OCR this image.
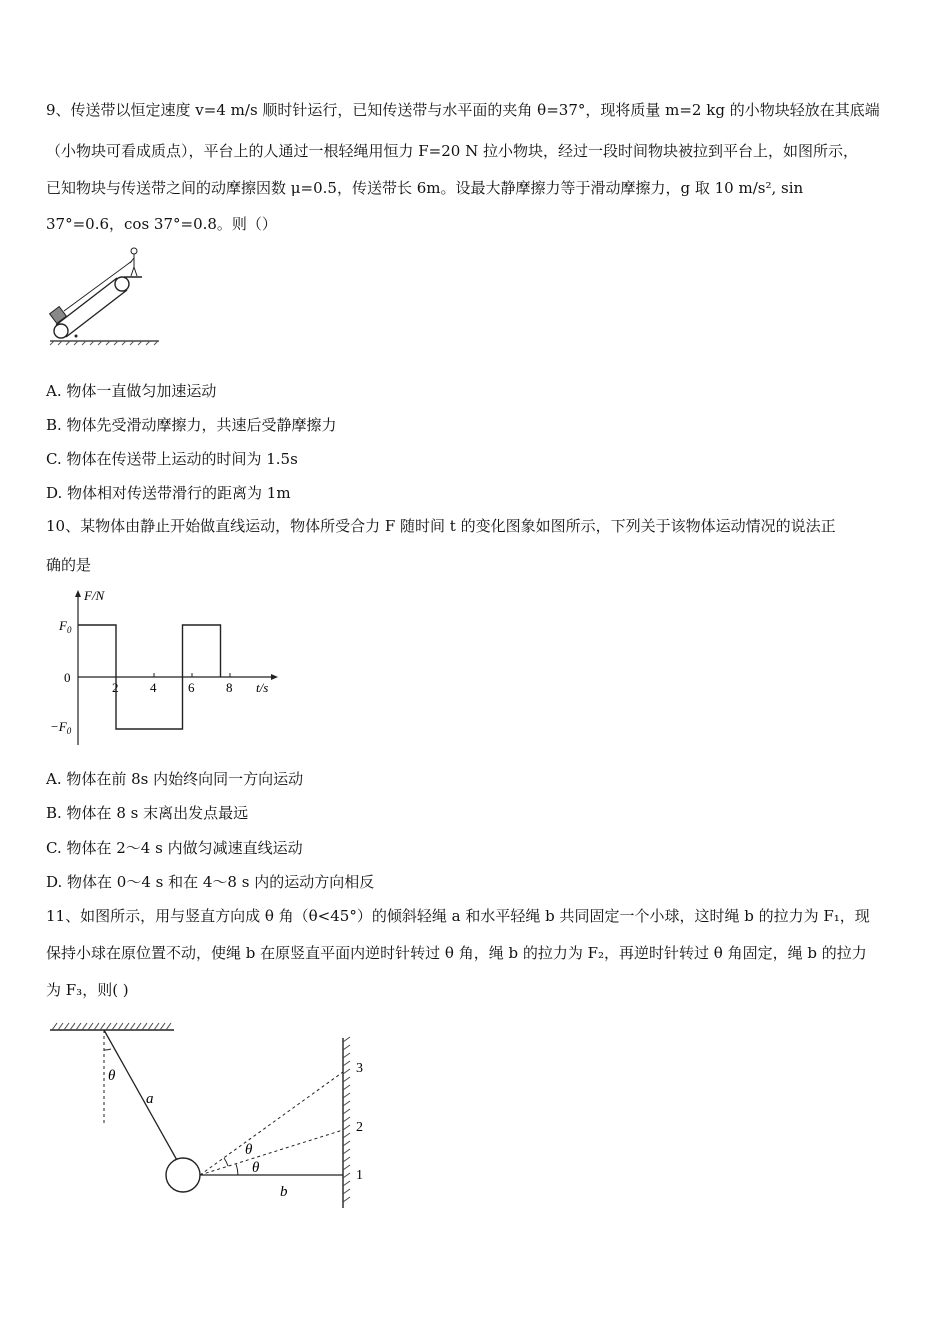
9、传送带以恒定速度 v=4 m/s 顺时针运行，已知传送带与水平面的夹角 θ=37°，现将质量 m=2 kg 的小物块轻放在其底端
（小物块可看成质点），平台上的人通过一根轻绳用恒力 F=20 N 拉小物块，经过一段时间物块被拉到平台上，如图所示，
已知物块与传送带之间的动摩擦因数 μ=0.5，传送带长 6m。设最大静摩擦力等于滑动摩擦力，g 取 10 m/s², sin
37°=0.6，cos 37°=0.8。则（）
A. 物体一直做匀加速运动
B. 物体先受滑动摩擦力，共速后受静摩擦力
C. 物体在传送带上运动的时间为 1.5s
D. 物体相对传送带滑行的距离为 1m
10、某物体由静止开始做直线运动，物体所受合力 F 随时间 t 的变化图象如图所示，下列关于该物体运动情况的说法正
确的是
F/N
t/s
$F_0$
0
$-F_0$
2 4 6 8
A. 物体在前 8s 内始终向同一方向运动
B. 物体在 8 s 末离出发点最远
C. 物体在 2～4 s 内做匀减速直线运动
D. 物体在 0～4 s 和在 4～8 s 内的运动方向相反
11、如图所示，用与竖直方向成 θ 角（θ<45°）的倾斜轻绳 a 和水平轻绳 b 共同固定一个小球，这时绳 b 的拉力为 F₁，现
保持小球在原位置不动，使绳 b 在原竖直平面内逆时针转过 θ 角，绳 b 的拉力为 F₂，再逆时针转过 θ 角固定，绳 b 的拉力
为 F₃，则( )
θ
a
b
θ
θ
3
2
1
